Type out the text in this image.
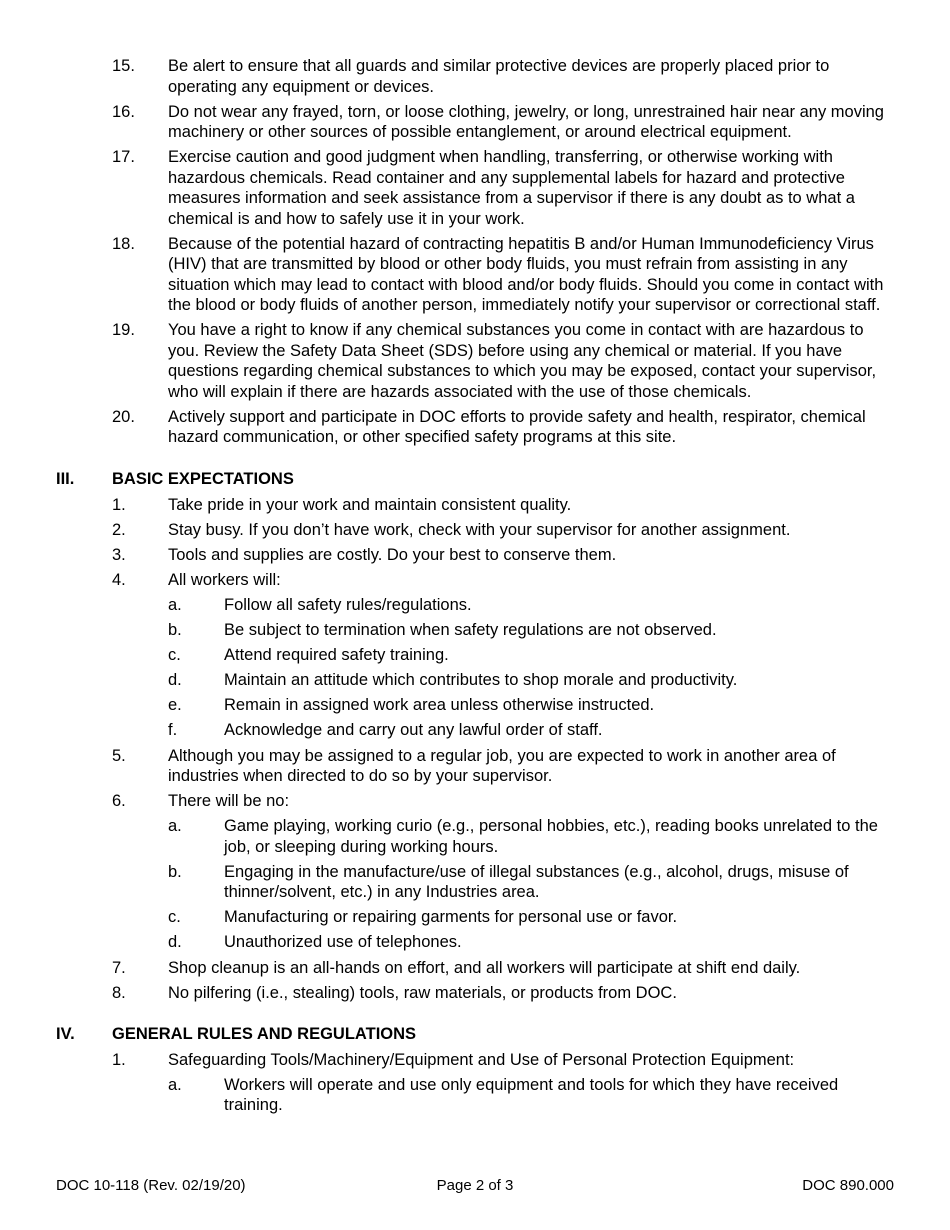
15. Be alert to ensure that all guards and similar protective devices are properly placed prior to operating any equipment or devices.
16. Do not wear any frayed, torn, or loose clothing, jewelry, or long, unrestrained hair near any moving machinery or other sources of possible entanglement, or around electrical equipment.
17. Exercise caution and good judgment when handling, transferring, or otherwise working with hazardous chemicals. Read container and any supplemental labels for hazard and protective measures information and seek assistance from a supervisor if there is any doubt as to what a chemical is and how to safely use it in your work.
18. Because of the potential hazard of contracting hepatitis B and/or Human Immunodeficiency Virus (HIV) that are transmitted by blood or other body fluids, you must refrain from assisting in any situation which may lead to contact with blood and/or body fluids. Should you come in contact with the blood or body fluids of another person, immediately notify your supervisor or correctional staff.
19. You have a right to know if any chemical substances you come in contact with are hazardous to you. Review the Safety Data Sheet (SDS) before using any chemical or material. If you have questions regarding chemical substances to which you may be exposed, contact your supervisor, who will explain if there are hazards associated with the use of those chemicals.
20. Actively support and participate in DOC efforts to provide safety and health, respirator, chemical hazard communication, or other specified safety programs at this site.
III. BASIC EXPECTATIONS
1.	Take pride in your work and maintain consistent quality.
2.	Stay busy. If you don’t have work, check with your supervisor for another assignment.
3.	Tools and supplies are costly. Do your best to conserve them.
4.	All workers will:
a.	Follow all safety rules/regulations.
b.	Be subject to termination when safety regulations are not observed.
c.	Attend required safety training.
d.	Maintain an attitude which contributes to shop morale and productivity.
e.	Remain in assigned work area unless otherwise instructed.
f.	Acknowledge and carry out any lawful order of staff.
5.	Although you may be assigned to a regular job, you are expected to work in another area of industries when directed to do so by your supervisor.
6.	There will be no:
a.	Game playing, working curio (e.g., personal hobbies, etc.), reading books unrelated to the job, or sleeping during working hours.
b.	Engaging in the manufacture/use of illegal substances (e.g., alcohol, drugs, misuse of thinner/solvent, etc.) in any Industries area.
c.	Manufacturing or repairing garments for personal use or favor.
d.	Unauthorized use of telephones.
7.	Shop cleanup is an all-hands on effort, and all workers will participate at shift end daily.
8.	No pilfering (i.e., stealing) tools, raw materials, or products from DOC.
IV. GENERAL RULES AND REGULATIONS
1.	Safeguarding Tools/Machinery/Equipment and Use of Personal Protection Equipment:
a.	Workers will operate and use only equipment and tools for which they have received training.
DOC 10-118 (Rev. 02/19/20)	Page 2 of 3	DOC 890.000
